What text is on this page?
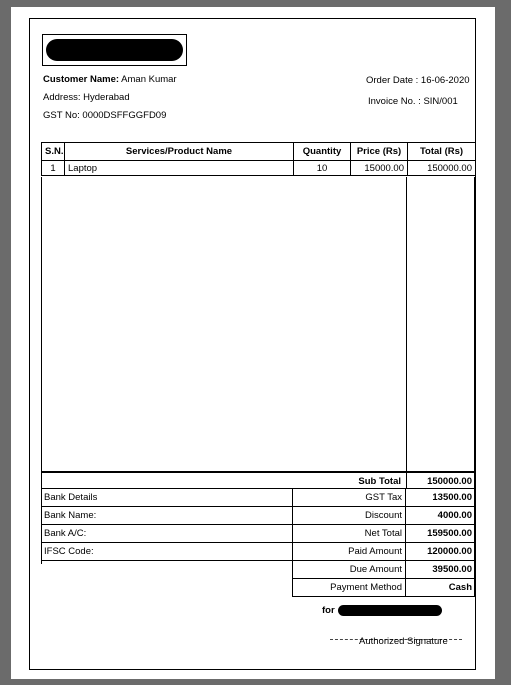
Customer Name: Aman Kumar
Address: Hyderabad
GST No: 0000DSFFGGFD09
Order Date : 16-06-2020
Invoice No. : SIN/001
S.N.	Services/Product Name	Quantity	Price (Rs)	Total (Rs)
1	Laptop	10	15000.00	150000.00
Sub Total	150000.00
Bank Details
Bank Name:
Bank A/C:
IFSC Code:
GST Tax	13500.00
Discount	4000.00
Net Total	159500.00
Paid Amount	120000.00
Due Amount	39500.00
Payment Method	Cash
for
Authorized Signature
